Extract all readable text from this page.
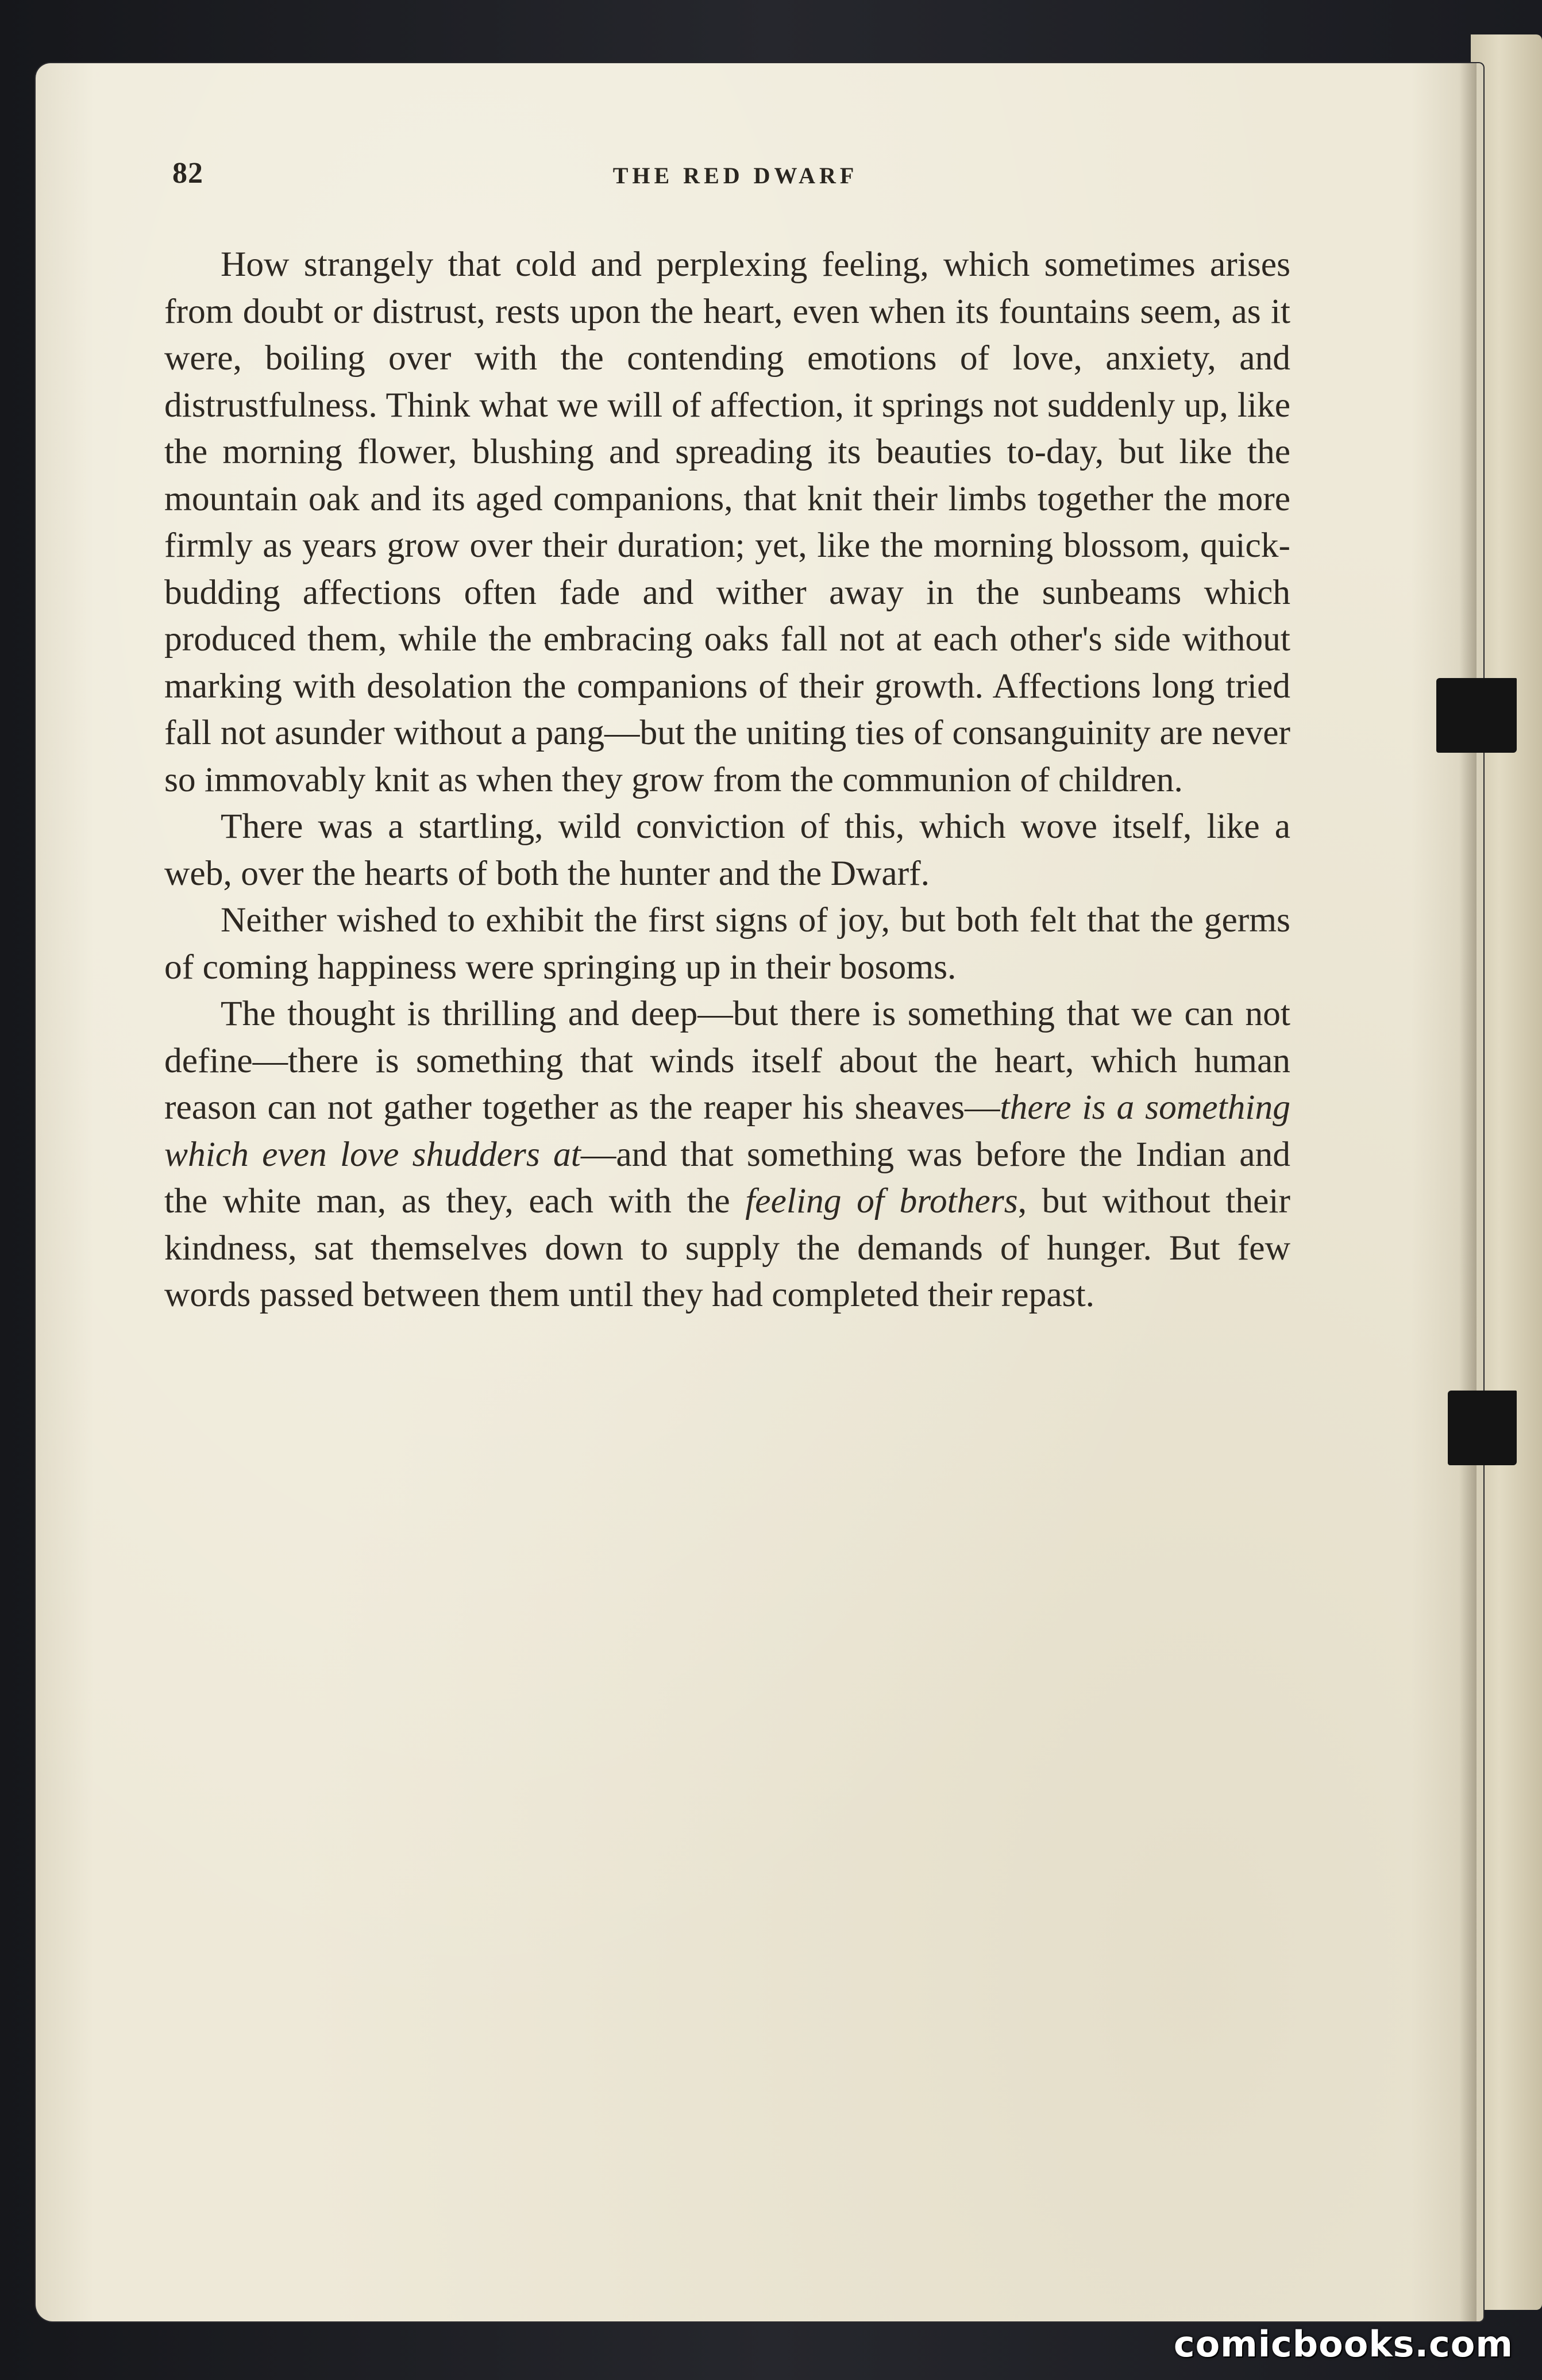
82	THE RED DWARF

How strangely that cold and perplexing feeling, which sometimes arises from doubt or distrust, rests upon the heart, even when its fountains seem, as it were, boiling over with the contending emotions of love, anxiety, and distrustfulness. Think what we will of affection, it springs not suddenly up, like the morning flower, blushing and spreading its beauties to-day, but like the mountain oak and its aged companions, that knit their limbs together the more firmly as years grow over their duration; yet, like the morning blossom, quick-budding affections often fade and wither away in the sunbeams which produced them, while the embracing oaks fall not at each other's side without marking with desolation the companions of their growth. Affections long tried fall not asunder without a pang—but the uniting ties of consanguinity are never so immovably knit as when they grow from the communion of children.

There was a startling, wild conviction of this, which wove itself, like a web, over the hearts of both the hunter and the Dwarf.

Neither wished to exhibit the first signs of joy, but both felt that the germs of coming happiness were springing up in their bosoms.

The thought is thrilling and deep—but there is something that we can not define—there is something that winds itself about the heart, which human reason can not gather together as the reaper his sheaves—there is a something which even love shudders at—and that something was before the Indian and the white man, as they, each with the feeling of brothers, but without their kindness, sat themselves down to supply the demands of hunger. But few words passed between them until they had completed their repast.

comicbooks.com
